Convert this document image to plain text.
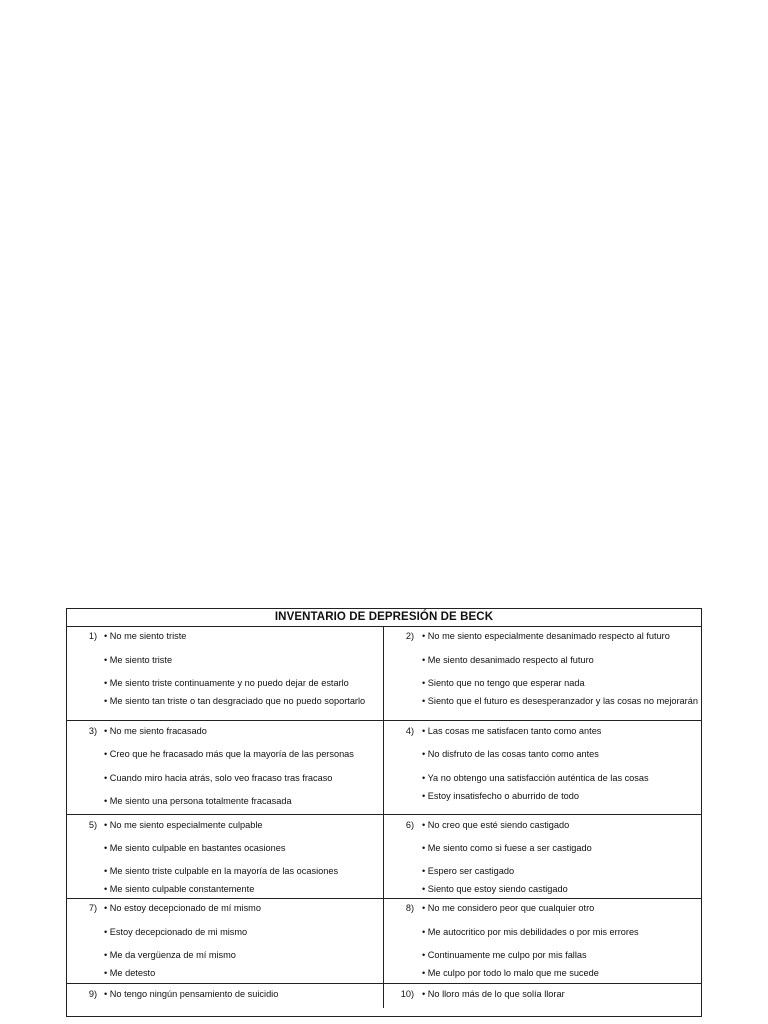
INVENTARIO DE DEPRESIÓN DE BECK
1) • No me siento triste
• Me siento triste
• Me siento triste continuamente y no puedo dejar de estarlo
• Me siento tan triste o tan desgraciado que no puedo soportarlo
2) • No me siento especialmente desanimado respecto al futuro
• Me siento desanimado respecto al futuro
• Siento que no tengo que esperar nada
• Siento que el futuro es desesperanzador y las cosas no mejorarán
3) • No me siento fracasado
• Creo que he fracasado más que la mayoría de las personas
• Cuando miro hacia atrás, solo veo fracaso tras fracaso
• Me siento una persona totalmente fracasada
4) • Las cosas me satisfacen tanto como antes
• No disfruto de las cosas tanto como antes
• Ya no obtengo una satisfacción auténtica de las cosas
• Estoy insatisfecho o aburrido de todo
5) • No me siento especialmente culpable
• Me siento culpable en bastantes ocasiones
• Me siento triste culpable en la mayoría de las ocasiones
• Me siento culpable constantemente
6) • No creo que esté siendo castigado
• Me siento como si fuese a ser castigado
• Espero ser castigado
• Siento que estoy siendo castigado
7) • No estoy decepcionado de mí mismo
• Estoy decepcionado de mi mismo
• Me da vergüenza de mí mismo
• Me detesto
8) • No me considero peor que cualquier otro
• Me autocritico por mis debilidades o por mis errores
• Continuamente me culpo por mis fallas
• Me culpo por todo lo malo que me sucede
9) • No tengo ningún pensamiento de suicidio	10) • No lloro más de lo que solía llorar
